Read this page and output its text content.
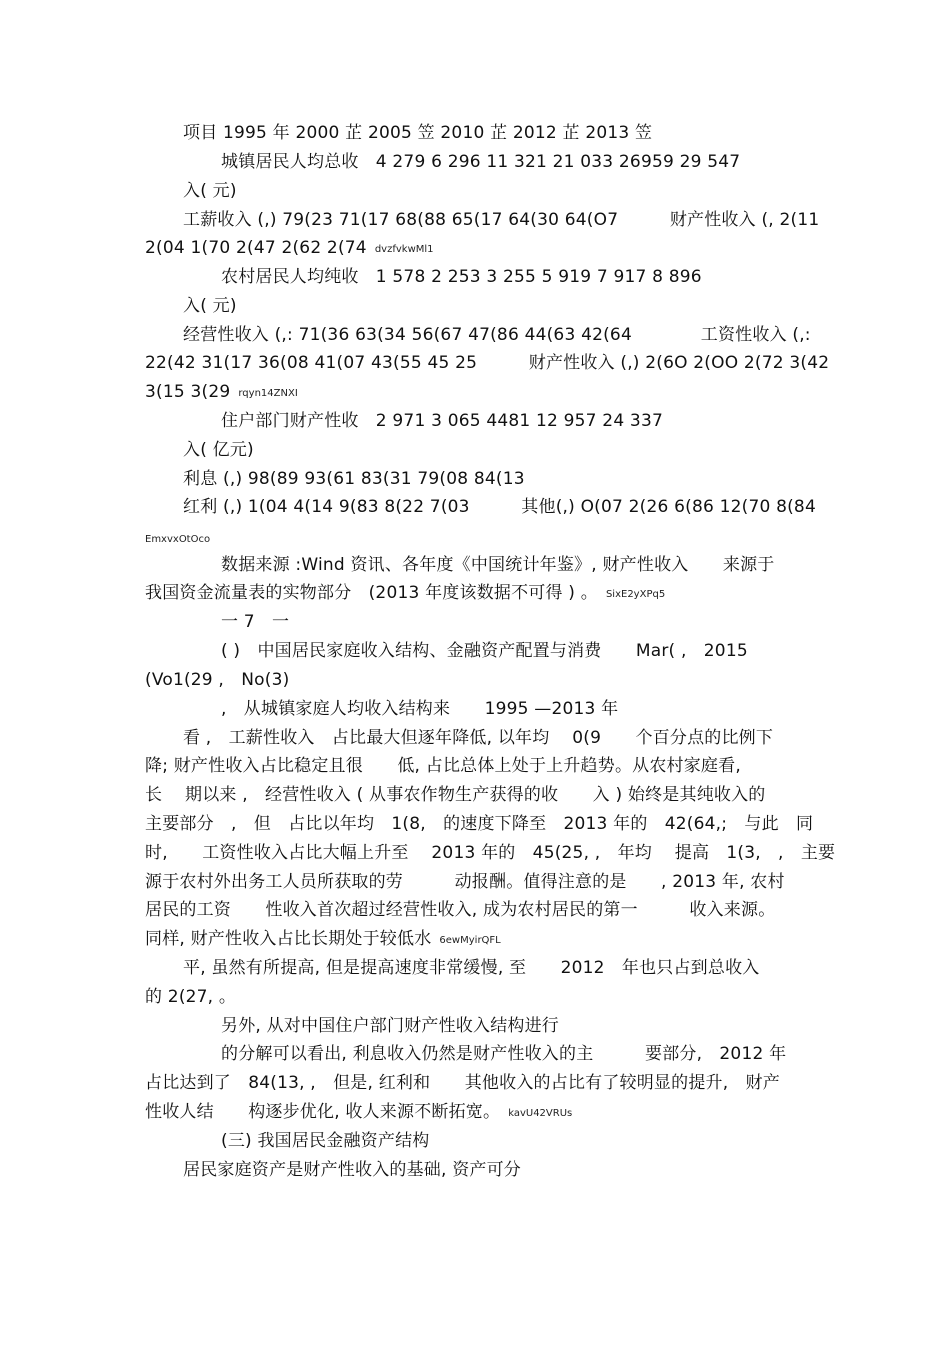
项目 1995 年 2000 芷 2005 笠 2010 芷 2012 芷 2013 笠
城镇居民人均总收　4 279 6 296 11 321 21 033 26959 29 547
入( 元)
工薪收入 (,) 79(23 71(17 68(88 65(17 64(30 64(O7　　　财产性收入 (, 2(11
2(04 1(70 2(47 2(62 2(74 dvzfvkwMl1
农村居民人均纯收　1 578 2 253 3 255 5 919 7 917 8 896
入( 元)
经营性收入 (,: 71(36 63(34 56(67 47(86 44(63 42(64　　　　工资性收入 (,:
22(42 31(17 36(08 41(07 43(55 45 25　　　财产性收入 (,) 2(6O 2(OO 2(72 3(42
3(15 3(29 rqyn14ZNXI
住户部门财产性收　2 971 3 065 4481 12 957 24 337
入( 亿元)
利息 (,) 98(89 93(61 83(31 79(08 84(13
红利 (,) 1(04 4(14 9(83 8(22 7(03　　　其他(,) O(07 2(26 6(86 12(70 8(84
EmxvxOtOco
数据来源 :Wind 资讯、各年度《中国统计年鉴》, 财产性收入　　来源于
我国资金流量表的实物部分　(2013 年度该数据不可得 ) 。 SixE2yXPq5
一 7　一
( )　中国居民家庭收入结构、金融资产配置与消费　　Mar( ,　2015
(Vo1(29 ,　No(3)
,　从城镇家庭人均收入结构来　　1995 —2013 年
看 ,　工薪性收入　占比最大但逐年降低, 以年均　 0(9　　个百分点的比例下
降; 财产性收入占比稳定且很　　低, 占比总体上处于上升趋势。从农村家庭看,
长　 期以来 ,　经营性收入 ( 从事农作物生产获得的收　　入 ) 始终是其纯收入的
主要部分　,　但　占比以年均　1(8,　的速度下降至　2013 年的　42(64,;　与此　同
时,　　工资性收入占比大幅上升至　 2013 年的　45(25, ,　年均　 提高　1(3,　,　主要
源于农村外出务工人员所获取的劳　　　动报酬。值得注意的是　　, 2013 年, 农村
居民的工资　　性收入首次超过经营性收入, 成为农村居民的第一　　　收入来源。
同样, 财产性收入占比长期处于较低水 6ewMyirQFL
平, 虽然有所提高, 但是提高速度非常缓慢, 至　　2012　年也只占到总收入
的 2(27, 。
另外, 从对中国住户部门财产性收入结构进行
的分解可以看出, 利息收入仍然是财产性收入的主　　　要部分,　2012 年
占比达到了　84(13, ,　但是, 红利和　　其他收入的占比有了较明显的提升,　财产
性收人结　　构逐步优化, 收人来源不断拓宽。 kavU42VRUs
(三) 我国居民金融资产结构
居民家庭资产是财产性收入的基础, 资产可分
